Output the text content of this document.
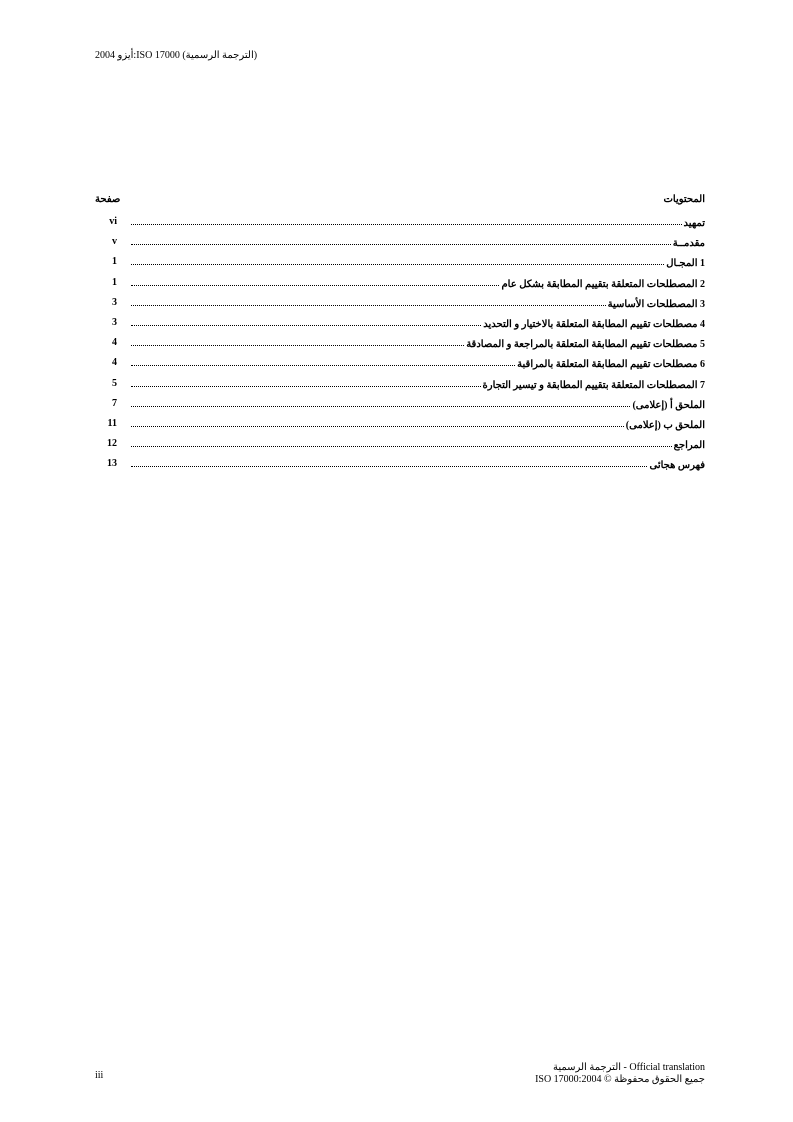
أيزو 2004:ISO 17000 (الترجمة الرسمية)
صفحة	المحتويات
vi	تمهيد
v	مقدمــة
1	1 المجـال
1	2 المصطلحات المتعلقة بتقييم المطابقة بشكل عام
3	3 المصطلحات الأساسية
3	4 مصطلحات تقييم المطابقة المتعلقة بالاختيار و التحديد
4	5 مصطلحات تقييم المطابقة المتعلقة بالمراجعة و المصادقة
4	6 مصطلحات تقييم المطابقة المتعلقة بالمراقبة
5	7 المصطلحات المتعلقة بتقييم المطابقة و تيسير التجارة
7	الملحق أ (إعلامى)
11	الملحق ب (إعلامى)
12	المراجع
13	فهرس هجائى
iii
الترجمة الرسمية - Official translation
ISO 17000:2004 © جميع الحقوق محفوظة
